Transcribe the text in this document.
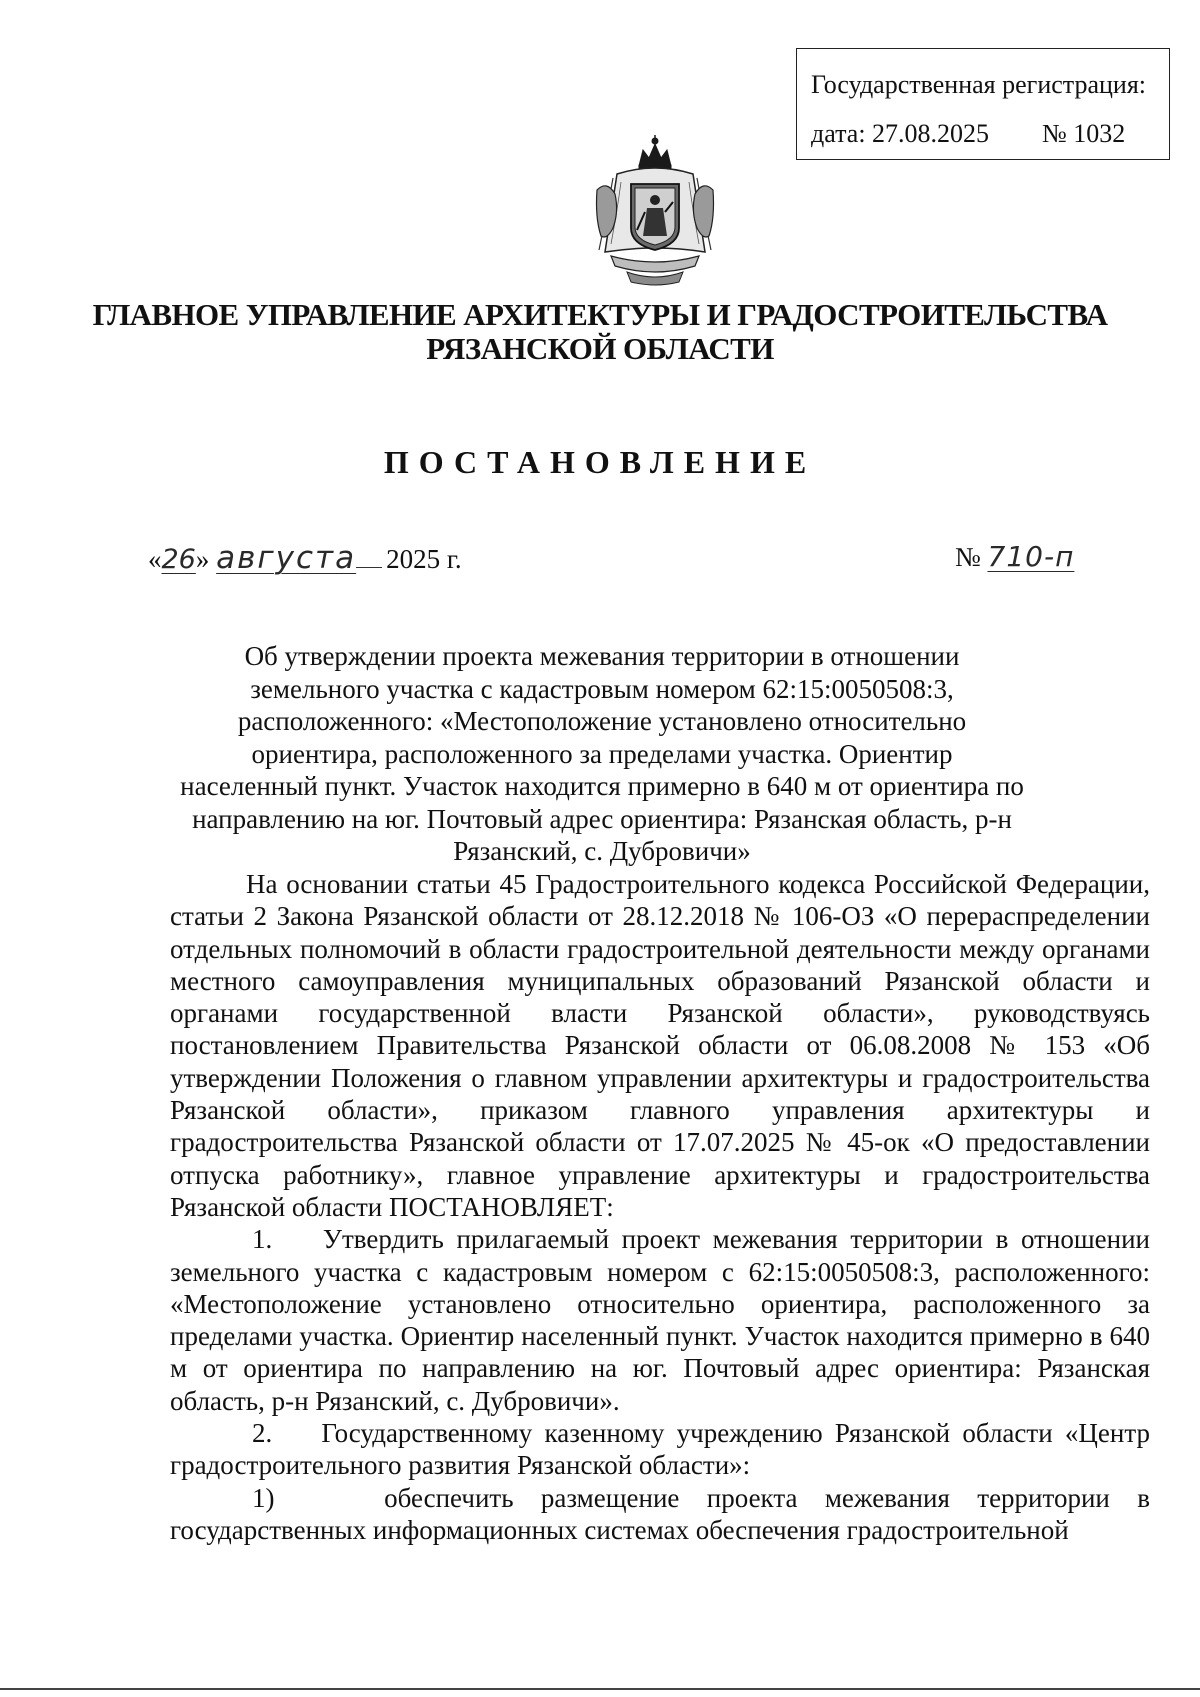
Государственная регистрация:
дата: 27.08.2025 № 1032
ГЛАВНОЕ УПРАВЛЕНИЕ АРХИТЕКТУРЫ И ГРАДОСТРОИТЕЛЬСТВА
РЯЗАНСКОЙ ОБЛАСТИ
ПОСТАНОВЛЕНИЕ
«26» августа 2025 г.	№ 710-п
Об утверждении проекта межевания территории в отношении земельного участка с кадастровым номером 62:15:0050508:3, расположенного: «Местоположение установлено относительно ориентира, расположенного за пределами участка. Ориентир населенный пункт. Участок находится примерно в 640 м от ориентира по направлению на юг. Почтовый адрес ориентира: Рязанская область, р-н Рязанский, с. Дубровичи»

На основании статьи 45 Градостроительного кодекса Российской Федерации, статьи 2 Закона Рязанской области от 28.12.2018 № 106-ОЗ «О перераспределении отдельных полномочий в области градостроительной деятельности между органами местного самоуправления муниципальных образований Рязанской области и органами государственной власти Рязанской области», руководствуясь постановлением Правительства Рязанской области от 06.08.2008 № 153 «Об утверждении Положения о главном управлении архитектуры и градостроительства Рязанской области», приказом главного управления архитектуры и градостроительства Рязанской области от 17.07.2025 № 45-ок «О предоставлении отпуска работнику», главное управление архитектуры и градостроительства Рязанской области ПОСТАНОВЛЯЕТ:

1.    Утвердить прилагаемый проект межевания территории в отношении земельного участка с кадастровым номером с 62:15:0050508:3, расположенного: «Местоположение установлено относительно ориентира, расположенного за пределами участка. Ориентир населенный пункт. Участок находится примерно в 640 м от ориентира по направлению на юг. Почтовый адрес ориентира: Рязанская область, р-н Рязанский, с. Дубровичи».

2.    Государственному казенному учреждению Рязанской области «Центр градостроительного развития Рязанской области»:

1)    обеспечить размещение проекта межевания территории в государственных информационных системах обеспечения градостроительной
